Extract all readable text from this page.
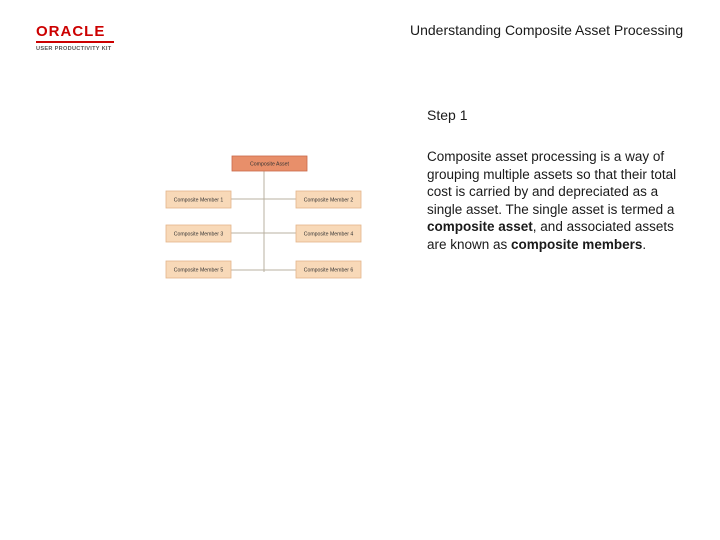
ORACLE
USER PRODUCTIVITY KIT
Understanding Composite Asset Processing
Composite Asset
Composite Member 1
Composite Member 3
Composite Member 5
Composite Member 2
Composite Member 4
Composite Member 6
Step 1
Composite asset processing is a way of grouping multiple assets so that their total cost is carried by and depreciated as a single asset. The single asset is termed a composite asset, and associated assets are known as composite members.
